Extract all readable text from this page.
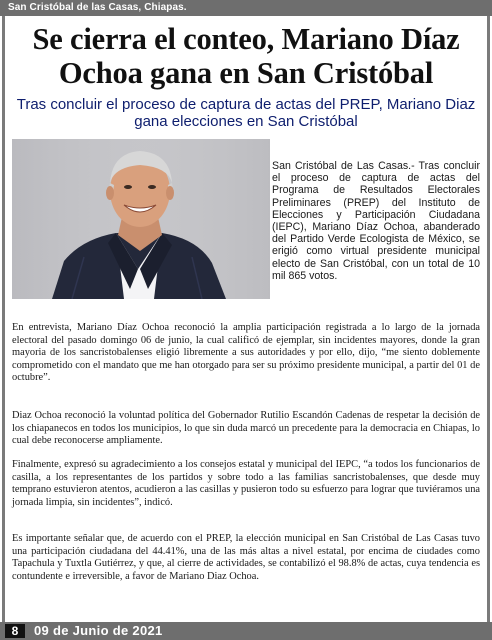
San Cristóbal de las Casas, Chiapas.
Se cierra el conteo, Mariano Díaz Ochoa gana en San Cristóbal
Tras concluir el proceso de captura de actas del PREP, Mariano Diaz gana elecciones en San Cristóbal
San Cristóbal de Las Casas.- Tras concluir el proceso de captura de actas del Programa de Resultados Electorales Preliminares (PREP) del Instituto de Elecciones y Participación Ciudadana (IEPC), Mariano Díaz Ochoa, abanderado del Partido Verde Ecologista de México, se erigió como virtual presidente municipal electo de San Cristóbal, con un total de 10 mil 865 votos.

En entrevista, Mariano Díaz Ochoa reconoció la amplia participación registrada a lo largo de la jornada electoral del pasado domingo 06 de junio, la cual calificó de ejemplar, sin incidentes mayores, donde la gran mayoria de los sancristobalenses eligió libremente a sus autoridades y por ello, dijo, “me siento doblemente comprometido con el mandato que me han otorgado para ser su próximo presidente municipal, a partir del 01 de octubre”.

Diaz Ochoa reconoció la voluntad política del Gobernador Rutilio Escandón Cadenas de respetar la decisión de los chiapanecos en todos los municipios, lo que sin duda marcó un precedente para la democracia en Chiapas, lo cual debe reconocerse ampliamente.

Finalmente, expresó su agradecimiento a los consejos estatal y municipal del IEPC, “a todos los funcionarios de casilla, a los representantes de los partidos y sobre todo a las familias sancristobalenses, que desde muy temprano estuvieron atentos, acudieron a las casillas y pusieron todo su esfuerzo para lograr que tuviéramos una jornada limpia, sin incidentes”, indicó.

Es importante señalar que, de acuerdo con el PREP, la elección municipal en San Cristóbal de Las Casas tuvo una participación ciudadana del 44.41%, una de las más altas a nivel estatal, por encima de ciudades como Tapachula y Tuxtla Gutiérrez, y que, al cierre de actividades, se contabilizó el 98.8% de actas, cuya tendencia es contundente e irreversible, a favor de Mariano Diaz Ochoa.

8	09 de Junio de 2021
